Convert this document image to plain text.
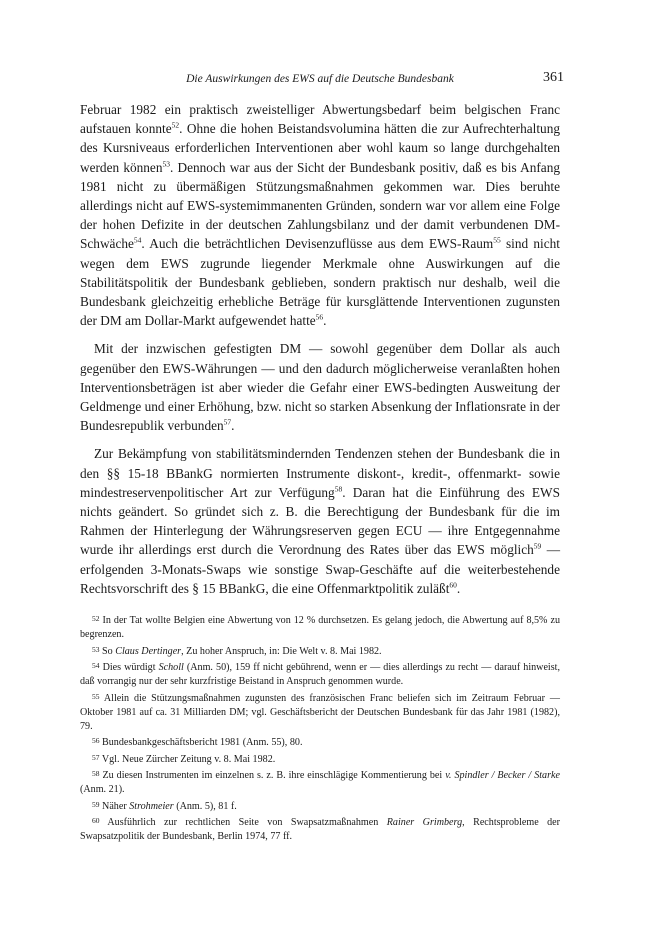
Die Auswirkungen des EWS auf die Deutsche Bundesbank	361

Februar 1982 ein praktisch zweistelliger Abwertungsbedarf beim belgischen Franc aufstauen konnte$^{52}$. Ohne die hohen Beistandsvolumina hätten die zur Aufrechterhaltung des Kursniveaus erforderlichen Interventionen aber wohl kaum so lange durchgehalten werden können$^{53}$. Dennoch war aus der Sicht der Bundesbank positiv, daß es bis Anfang 1981 nicht zu übermäßigen Stützungsmaßnahmen gekommen war. Dies beruhte allerdings nicht auf EWS-systemimmanenten Gründen, sondern war vor allem eine Folge der hohen Defizite in der deutschen Zahlungsbilanz und der damit verbundenen DM-Schwäche$^{54}$. Auch die beträchtlichen Devisenzuflüsse aus dem EWS-Raum$^{55}$ sind nicht wegen dem EWS zugrunde liegender Merkmale ohne Auswirkungen auf die Stabilitätspolitik der Bundesbank geblieben, sondern praktisch nur deshalb, weil die Bundesbank gleichzeitig erhebliche Beträge für kursglättende Interventionen zugunsten der DM am Dollar-Markt aufgewendet hatte$^{56}$.

Mit der inzwischen gefestigten DM — sowohl gegenüber dem Dollar als auch gegenüber den EWS-Währungen — und den dadurch möglicherweise veranlaßten hohen Interventionsbeträgen ist aber wieder die Gefahr einer EWS-bedingten Ausweitung der Geldmenge und einer Erhöhung, bzw. nicht so starken Absenkung der Inflationsrate in der Bundesrepublik verbunden$^{57}$.

Zur Bekämpfung von stabilitätsmindernden Tendenzen stehen der Bundesbank die in den §§ 15-18 BBankG normierten Instrumente diskont-, kredit-, offenmarkt- sowie mindestreservenpolitischer Art zur Verfügung$^{58}$. Daran hat die Einführung des EWS nichts geändert. So gründet sich z. B. die Berechtigung der Bundesbank für die im Rahmen der Hinterlegung der Währungsreserven gegen ECU — ihre Entgegennahme wurde ihr allerdings erst durch die Verordnung des Rates über das EWS möglich$^{59}$ — erfolgenden 3-Monats-Swaps wie sonstige Swap-Geschäfte auf die weiterbestehende Rechtsvorschrift des § 15 BBankG, die eine Offenmarktpolitik zuläßt$^{60}$.

52 In der Tat wollte Belgien eine Abwertung von 12 % durchsetzen. Es gelang jedoch, die Abwertung auf 8,5% zu begrenzen.

53 So Claus Dertinger, Zu hoher Anspruch, in: Die Welt v. 8. Mai 1982.

54 Dies würdigt Scholl (Anm. 50), 159 ff nicht gebührend, wenn er — dies allerdings zu recht — darauf hinweist, daß vorrangig nur der sehr kurzfristige Beistand in Anspruch genommen wurde.

55 Allein die Stützungsmaßnahmen zugunsten des französischen Franc beliefen sich im Zeitraum Februar — Oktober 1981 auf ca. 31 Milliarden DM; vgl. Geschäftsbericht der Deutschen Bundesbank für das Jahr 1981 (1982), 79.

56 Bundesbankgeschäftsbericht 1981 (Anm. 55), 80.

57 Vgl. Neue Zürcher Zeitung v. 8. Mai 1982.

58 Zu diesen Instrumenten im einzelnen s. z. B. ihre einschlägige Kommentierung bei v. Spindler / Becker / Starke (Anm. 21).

59 Näher Strohmeier (Anm. 5), 81 f.

60 Ausführlich zur rechtlichen Seite von Swapsatzmaßnahmen Rainer Grimberg, Rechtsprobleme der Swapsatzpolitik der Bundesbank, Berlin 1974, 77 ff.
